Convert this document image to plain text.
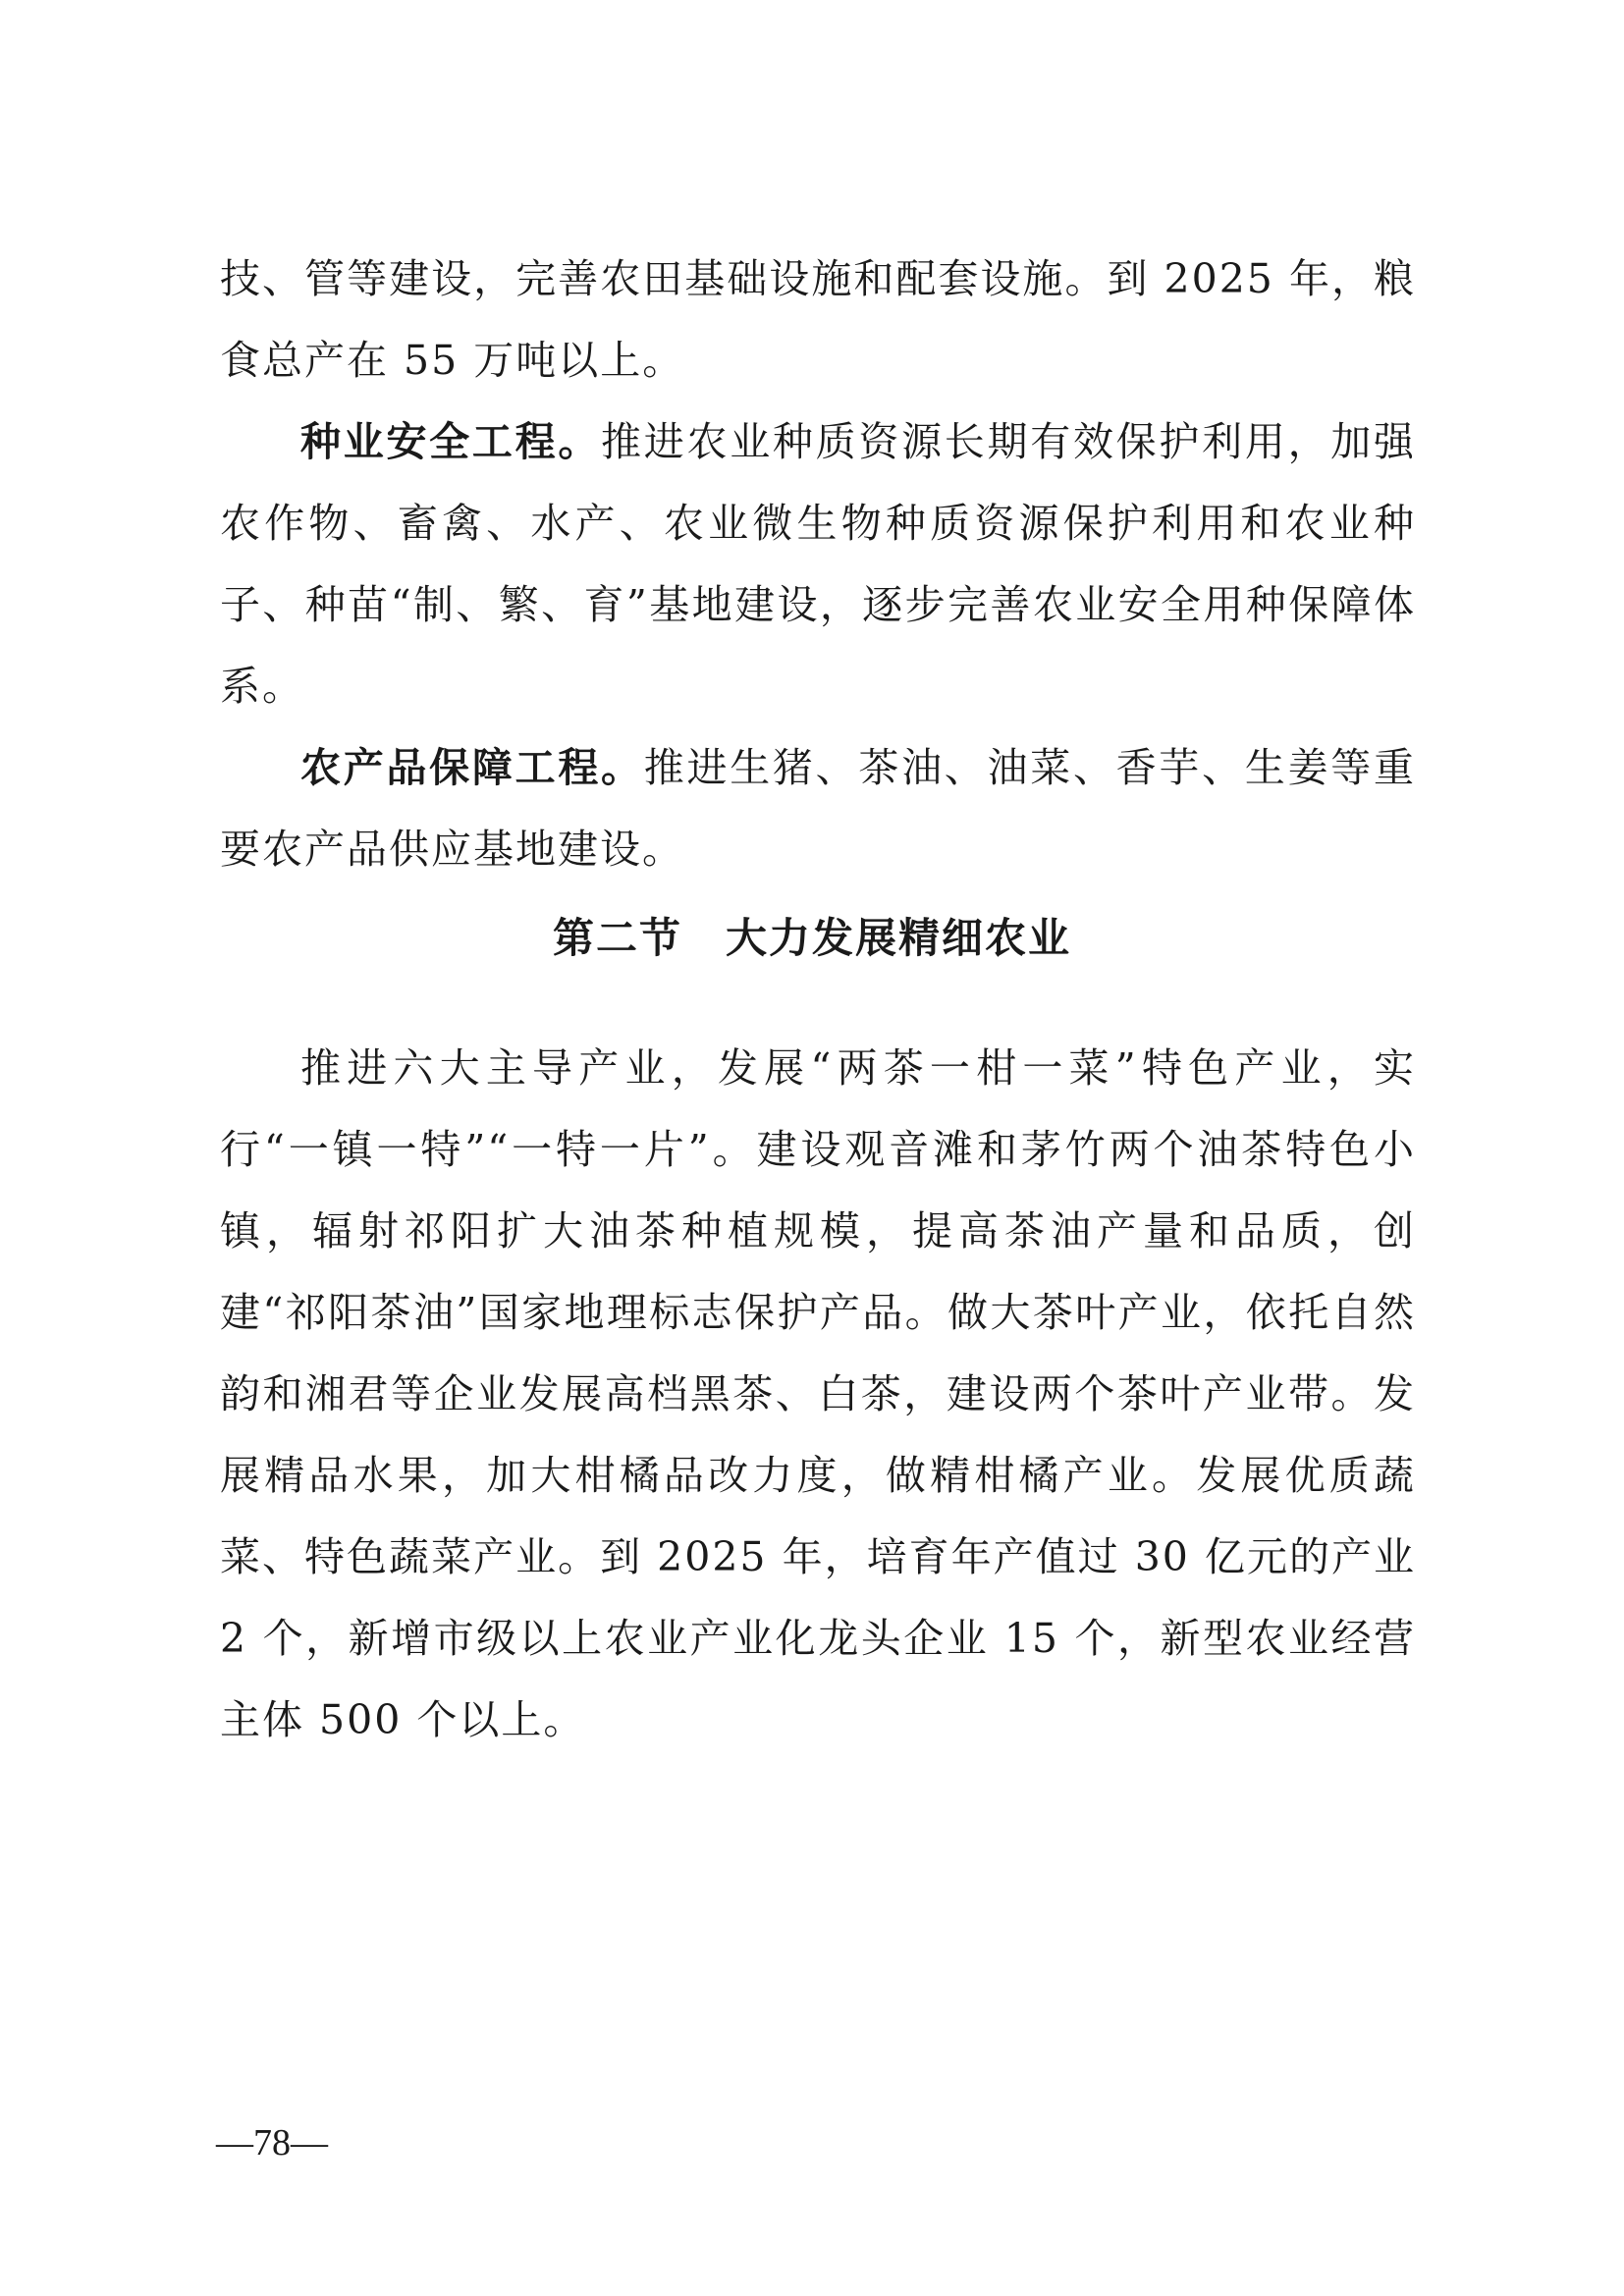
技、管等建设，完善农田基础设施和配套设施。到 2025 年，粮食总产在 55 万吨以上。

种业安全工程。推进农业种质资源长期有效保护利用，加强农作物、畜禽、水产、农业微生物种质资源保护利用和农业种子、种苗“制、繁、育”基地建设，逐步完善农业安全用种保障体系。

农产品保障工程。推进生猪、茶油、油菜、香芋、生姜等重要农产品供应基地建设。

第二节 大力发展精细农业

推进六大主导产业，发展“两茶一柑一菜”特色产业，实行“一镇一特”“一特一片”。建设观音滩和茅竹两个油茶特色小镇，辐射祁阳扩大油茶种植规模，提高茶油产量和品质，创建“祁阳茶油”国家地理标志保护产品。做大茶叶产业，依托自然韵和湘君等企业发展高档黑茶、白茶，建设两个茶叶产业带。发展精品水果，加大柑橘品改力度，做精柑橘产业。发展优质蔬菜、特色蔬菜产业。到 2025 年，培育年产值过 30 亿元的产业 2 个，新增市级以上农业产业化龙头企业 15 个，新型农业经营主体 500 个以上。

—78—
